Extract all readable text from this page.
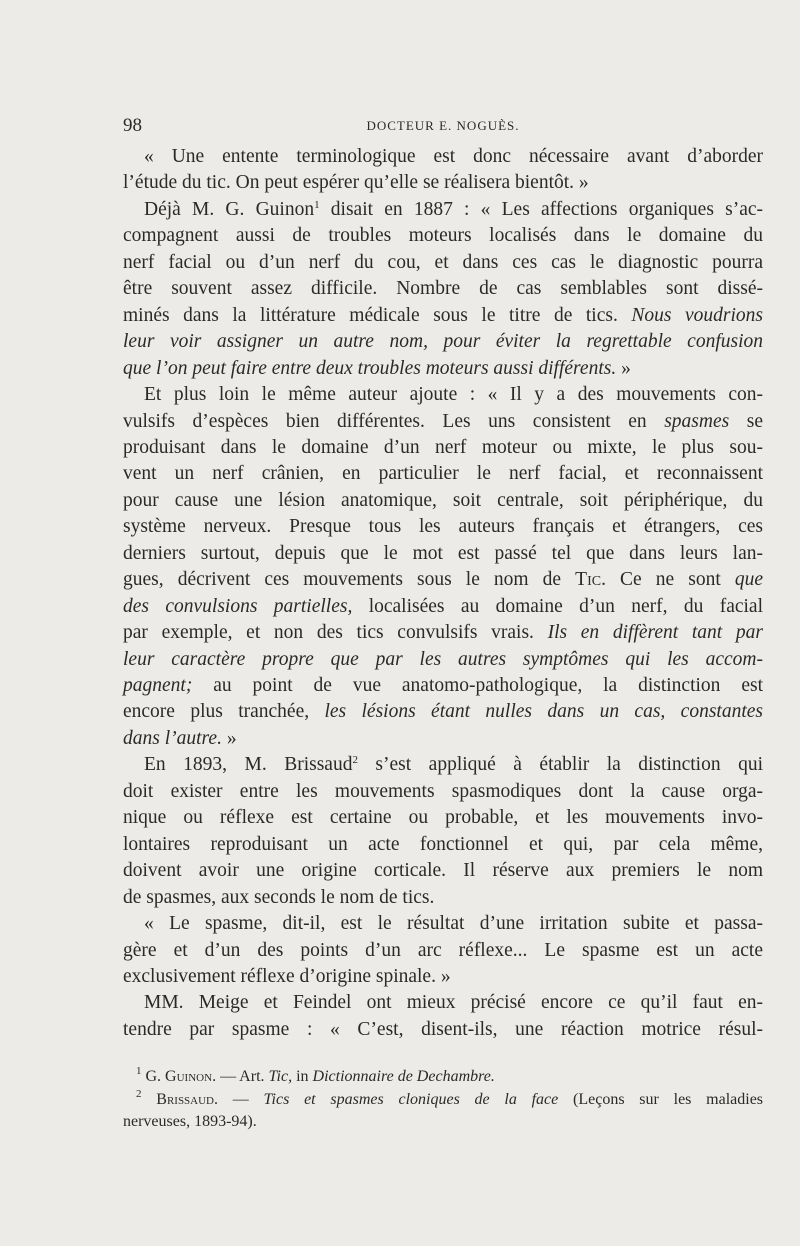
98	DOCTEUR E. NOGUÈS.
« Une entente terminologique est donc nécessaire avant d’aborder
l’étude du tic. On peut espérer qu’elle se réalisera bientôt. »
Déjà M. G. Guinon$^1$ disait en 1887 : « Les affections organiques s’ac-
compagnent aussi de troubles moteurs localisés dans le domaine du
nerf facial ou d’un nerf du cou, et dans ces cas le diagnostic pourra
être souvent assez difficile. Nombre de cas semblables sont dissé-
minés dans la littérature médicale sous le titre de tics. Nous voudrions
leur voir assigner un autre nom, pour éviter la regrettable confusion
que l’on peut faire entre deux troubles moteurs aussi différents. »
Et plus loin le même auteur ajoute : « Il y a des mouvements con-
vulsifs d’espèces bien différentes. Les uns consistent en spasmes se
produisant dans le domaine d’un nerf moteur ou mixte, le plus sou-
vent un nerf crânien, en particulier le nerf facial, et reconnaissent
pour cause une lésion anatomique, soit centrale, soit périphérique, du
système nerveux. Presque tous les auteurs français et étrangers, ces
derniers surtout, depuis que le mot est passé tel que dans leurs lan-
gues, décrivent ces mouvements sous le nom de Tic. Ce ne sont que
des convulsions partielles, localisées au domaine d’un nerf, du facial
par exemple, et non des tics convulsifs vrais. Ils en diffèrent tant par
leur caractère propre que par les autres symptômes qui les accom-
pagnent; au point de vue anatomo-pathologique, la distinction est
encore plus tranchée, les lésions étant nulles dans un cas, constantes
dans l’autre. »
En 1893, M. Brissaud$^2$ s’est appliqué à établir la distinction qui
doit exister entre les mouvements spasmodiques dont la cause orga-
nique ou réflexe est certaine ou probable, et les mouvements invo-
lontaires reproduisant un acte fonctionnel et qui, par cela même,
doivent avoir une origine corticale. Il réserve aux premiers le nom
de spasmes, aux seconds le nom de tics.
« Le spasme, dit-il, est le résultat d’une irritation subite et passa-
gère et d’un des points d’un arc réflexe... Le spasme est un acte
exclusivement réflexe d’origine spinale. »
MM. Meige et Feindel ont mieux précisé encore ce qu’il faut en-
tendre par spasme : « C’est, disent-ils, une réaction motrice résul-
$^1$ G. Guinon. — Art. Tic, in Dictionnaire de Dechambre.
$^2$ Brissaud. — Tics et spasmes cloniques de la face (Leçons sur les maladies
nerveuses, 1893-94).
